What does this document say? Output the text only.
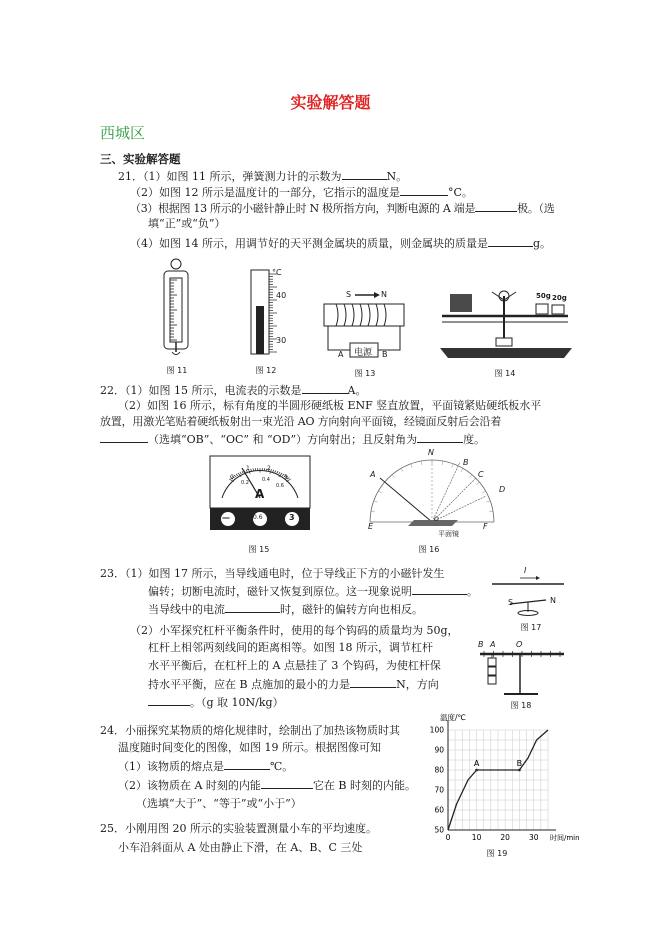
实验解答题
西城区
三、实验解答题
21．（1）如图 11 所示，弹簧测力计的示数为	N。
（2）如图 12 所示是温度计的一部分，它指示的温度是	°C。
（3）根据图 13 所示的小磁针静止时 N 极所指方向，判断电源的 A 端是	极。（选
填“正”或“负”）
（4）如图 14 所示，用调节好的天平测金属块的质量，则金属块的质量是	g。
图 11
°C
40
30
图 12
S	N
电源
A	B
图 13
50g 20g
图 14
22．（1）如图 15 所示，电流表的示数是	A。
（2）如图 16 所示，标有角度的半圆形硬纸板 ENF 竖直放置，平面镜紧贴硬纸板水平
放置，用激光笔贴着硬纸板射出一束光沿 AO 方向射向平面镜，经镜面反射后会沿着
（选填“OB”、“OC” 和 “OD”）方向射出；且反射角为	度。
A
—	0.6	3
0
1	2
3
0.2	0.4
0.6
图 15
A
B
C
D
N
E	F
O
平面镜
图 16
23．（1）如图 17 所示，当导线通电时，位于导线正下方的小磁针发生
偏转；切断电流时，磁针又恢复到原位。这一现象说明	。
当导线中的电流	时，磁针的偏转方向也相反。
（2）小军探究杠杆平衡条件时，使用的每个钩码的质量均为 50g，
杠杆上相邻两刻线间的距离相等。如图 18 所示，调节杠杆
水平平衡后，在杠杆上的 A 点悬挂了 3 个钩码，为使杠杆保
持水平平衡，应在 B 点施加的最小的力是	N，方向
。（g 取 10N/kg）
I
S	N
图 17
B A	O
图 18
24．小丽探究某物质的熔化规律时，绘制出了加热该物质时其
温度随时间变化的图像，如图 19 所示。根据图像可知
（1）该物质的熔点是	℃。
（2）该物质在 A 时刻的内能	它在 B 时刻的内能。
（选填“大于”、“等于”或“小于”）
0	10	20	30
50
60
70
80
90
100
时间/min
温度/℃
A	B
图 19
25．小刚用图 20 所示的实验装置测量小车的平均速度。
小车沿斜面从 A 处由静止下滑，在 A、B、C 三处
